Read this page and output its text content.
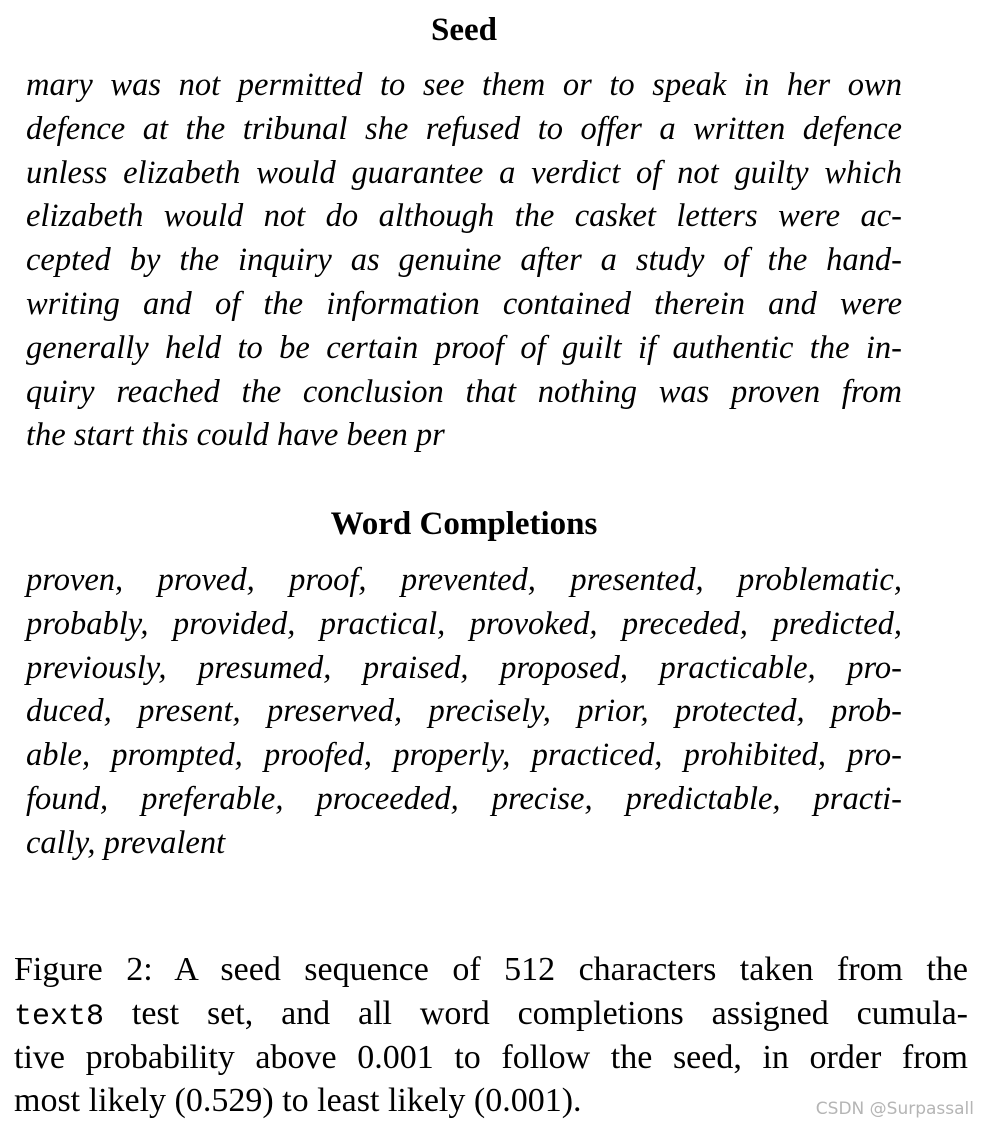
Seed
mary was not permitted to see them or to speak in her own
defence at the tribunal she refused to offer a written defence
unless elizabeth would guarantee a verdict of not guilty which
elizabeth would not do although the casket letters were ac-
cepted by the inquiry as genuine after a study of the hand-
writing and of the information contained therein and were
generally held to be certain proof of guilt if authentic the in-
quiry reached the conclusion that nothing was proven from
the start this could have been pr
Word Completions
proven, proved, proof, prevented, presented, problematic,
probably, provided, practical, provoked, preceded, predicted,
previously, presumed, praised, proposed, practicable, pro-
duced, present, preserved, precisely, prior, protected, prob-
able, prompted, proofed, properly, practiced, prohibited, pro-
found, preferable, proceeded, precise, predictable, practi-
cally, prevalent
Figure 2: A seed sequence of 512 characters taken from the
text8 test set, and all word completions assigned cumula-
tive probability above 0.001 to follow the seed, in order from
most likely (0.529) to least likely (0.001).	CSDN @Surpassall
